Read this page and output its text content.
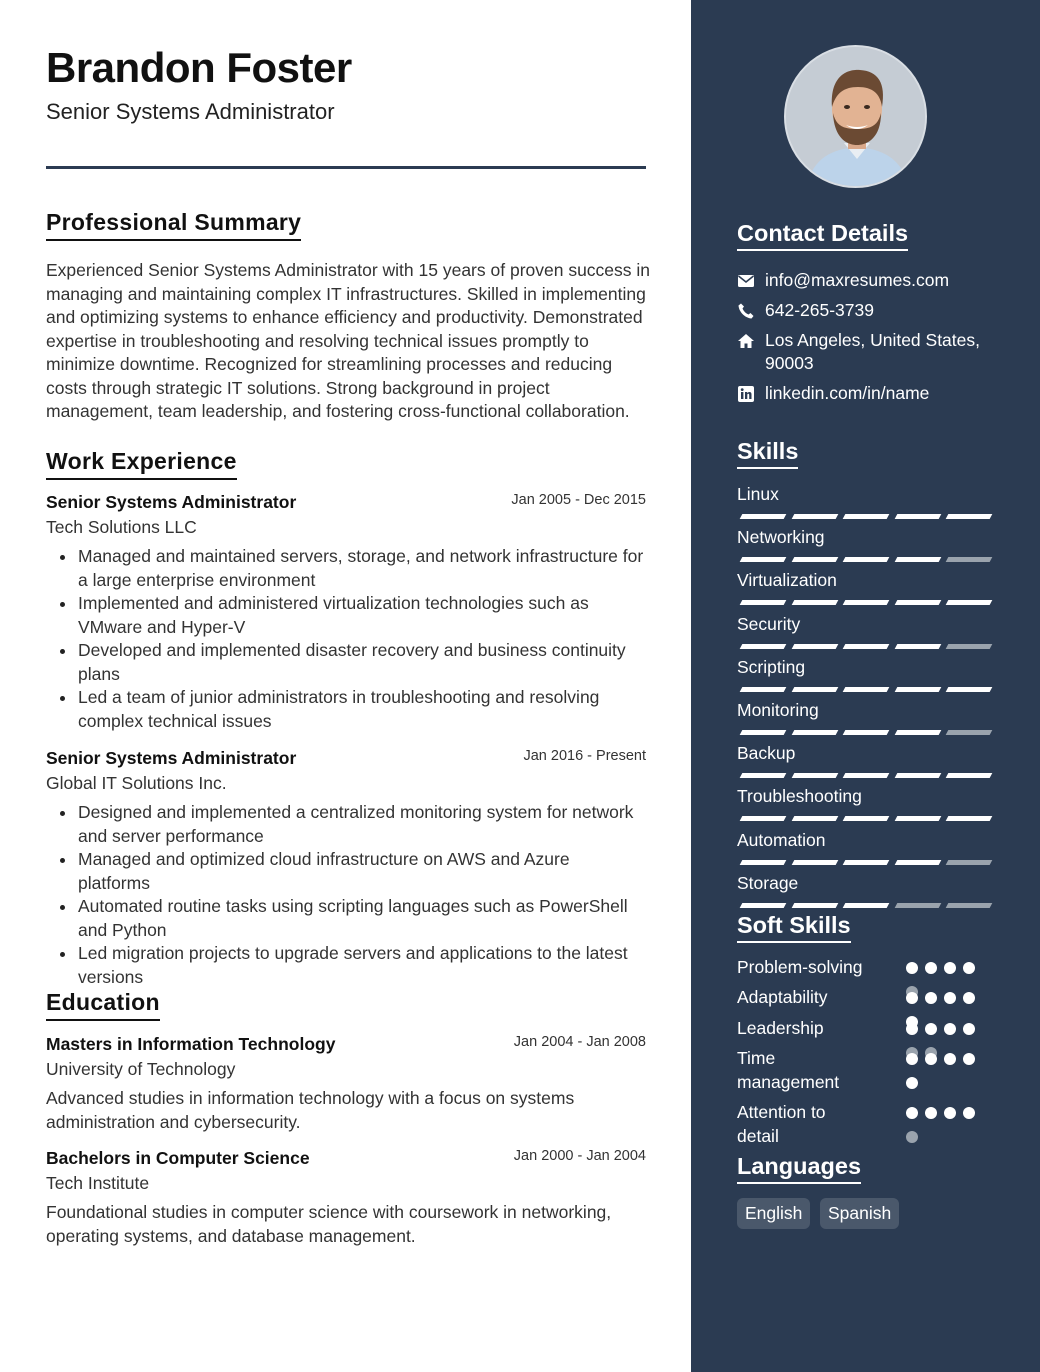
Brandon Foster
Senior Systems Administrator
Professional Summary
Experienced Senior Systems Administrator with 15 years of proven success in managing and maintaining complex IT infrastructures. Skilled in implementing and optimizing systems to enhance efficiency and productivity. Demonstrated expertise in troubleshooting and resolving technical issues promptly to minimize downtime. Recognized for streamlining processes and reducing costs through strategic IT solutions. Strong background in project management, team leadership, and fostering cross-functional collaboration.
Work Experience
Senior Systems Administrator	Jan 2005 - Dec 2015
Tech Solutions LLC
Managed and maintained servers, storage, and network infrastructure for a large enterprise environment
Implemented and administered virtualization technologies such as VMware and Hyper-V
Developed and implemented disaster recovery and business continuity plans
Led a team of junior administrators in troubleshooting and resolving complex technical issues
Senior Systems Administrator	Jan 2016 - Present
Global IT Solutions Inc.
Designed and implemented a centralized monitoring system for network and server performance
Managed and optimized cloud infrastructure on AWS and Azure platforms
Automated routine tasks using scripting languages such as PowerShell and Python
Led migration projects to upgrade servers and applications to the latest versions
Education
Masters in Information Technology	Jan 2004 - Jan 2008
University of Technology
Advanced studies in information technology with a focus on systems administration and cybersecurity.
Bachelors in Computer Science	Jan 2000 - Jan 2004
Tech Institute
Foundational studies in computer science with coursework in networking, operating systems, and database management.
Contact Details
info@maxresumes.com
642-265-3739
Los Angeles, United States, 90003
linkedin.com/in/name
Skills
Linux
Networking
Virtualization
Security
Scripting
Monitoring
Backup
Troubleshooting
Automation
Storage
Soft Skills
Problem-solving
Adaptability
Leadership
Time management
Attention to detail
Languages
English	Spanish
